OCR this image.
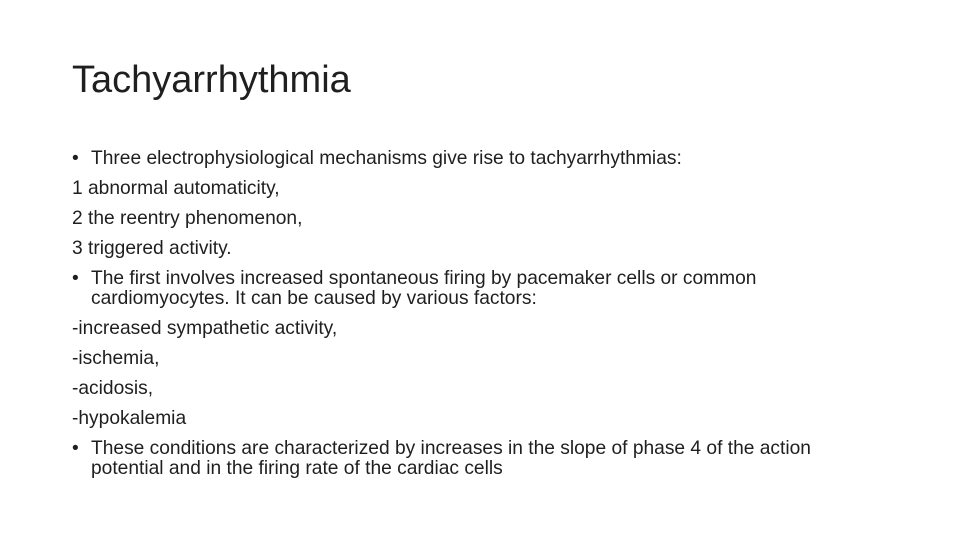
Tachyarrhythmia
• Three electrophysiological mechanisms give rise to tachyarrhythmias:
1 abnormal automaticity,
2 the reentry phenomenon,
3 triggered activity.
• The first involves increased spontaneous firing by pacemaker cells or common cardiomyocytes. It can be caused by various factors:
-increased sympathetic activity,
-ischemia,
-acidosis,
-hypokalemia
• These conditions are characterized by increases in the slope of phase 4 of the action potential and in the firing rate of the cardiac cells
